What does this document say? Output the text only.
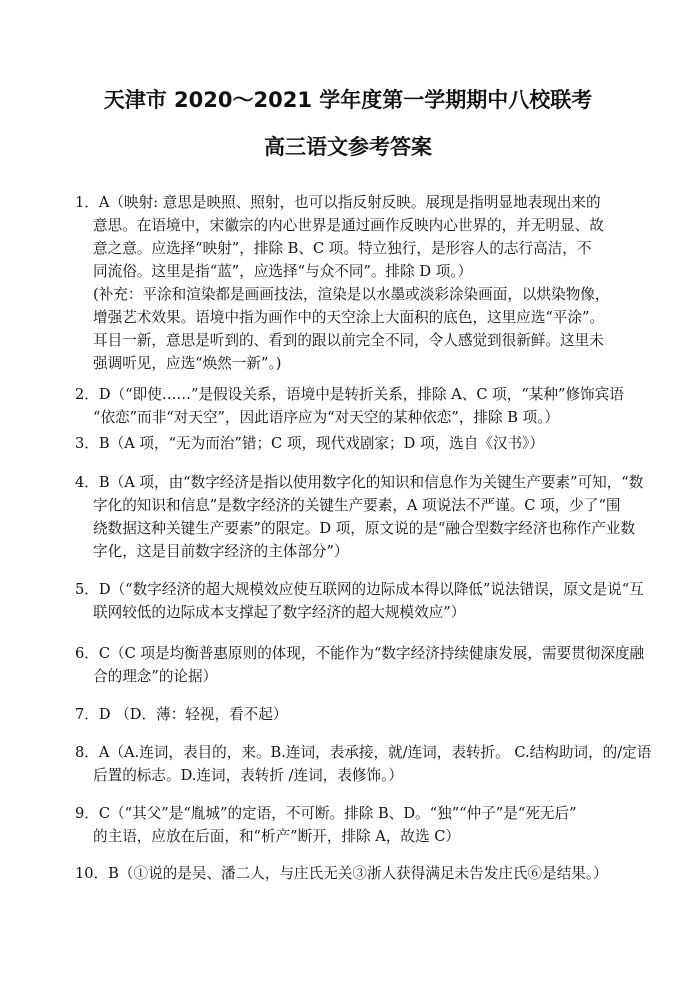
天津市 2020～2021 学年度第一学期期中八校联考
高三语文参考答案
1．A（映射: 意思是映照、照射，也可以指反射反映。展现是指明显地表现出来的
意思。在语境中，宋徽宗的内心世界是通过画作反映内心世界的，并无明显、故
意之意。应选择“映射”，排除 B、C 项。特立独行，是形容人的志行高洁，不
同流俗。这里是指“蓝”，应选择“与众不同”。排除 D 项。）
(补充：平涂和渲染都是画画技法，渲染是以水墨或淡彩涂染画面，以烘染物像，
增强艺术效果。语境中指为画作中的天空涂上大面积的底色，这里应选“平涂”。
耳目一新，意思是听到的、看到的跟以前完全不同，令人感觉到很新鲜。这里未
强调听见，应选“焕然一新”。)
2．D（“即使……”是假设关系，语境中是转折关系，排除 A、C 项，“某种”修饰宾语
“依恋”而非“对天空”，因此语序应为“对天空的某种依恋”，排除 B 项。）
3．B（A 项，“无为而治”错；C 项，现代戏剧家；D 项，选自《汉书》）
4．B（A 项，由“数字经济是指以使用数字化的知识和信息作为关键生产要素”可知，“数
字化的知识和信息”是数字经济的关键生产要素，A 项说法不严谨。C 项，少了“围
绕数据这种关键生产要素”的限定。D 项，原文说的是“融合型数字经济也称作产业数
字化，这是目前数字经济的主体部分”）
5．D（“数字经济的超大规模效应使互联网的边际成本得以降低”说法错误，原文是说“互
联网较低的边际成本支撑起了数字经济的超大规模效应”）
6．C（C 项是均衡普惠原则的体现，不能作为“数字经济持续健康发展，需要贯彻深度融
合的理念”的论据）
7．D （D．薄：轻视，看不起）
8．A（A.连词，表目的，来。B.连词，表承接，就/连词，表转折。 C.结构助词，的/定语
后置的标志。D.连词，表转折 /连词，表修饰。）
9．C（“其父”是“胤城”的定语，不可断。排除 B、D。“独”“仲子”是“死无后”
的主语，应放在后面，和“析产”断开，排除 A，故选 C）
10．B（①说的是吴、潘二人，与庄氏无关③浙人获得满足未告发庄氏⑥是结果。）
